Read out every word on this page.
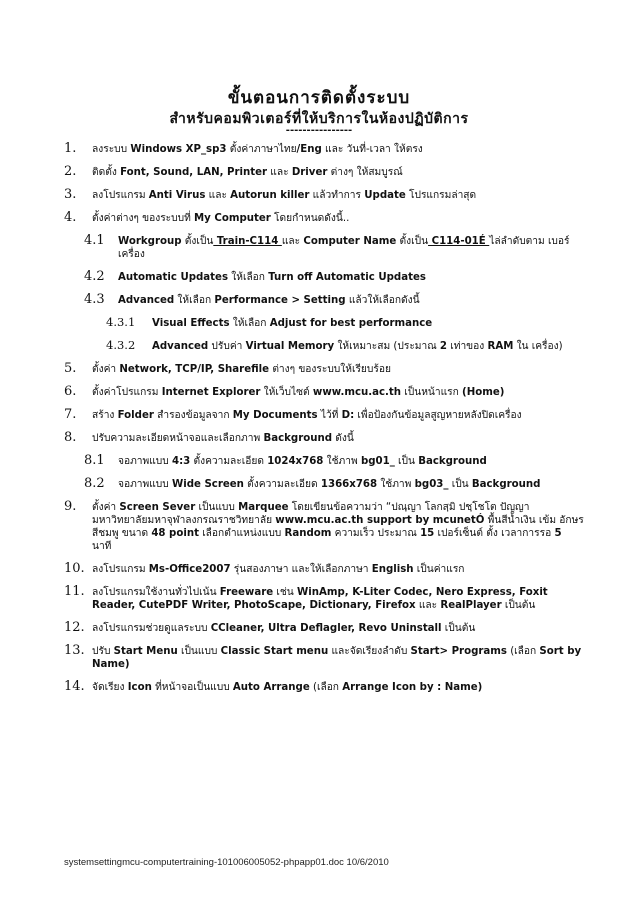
ขั้นตอนการติดตั้งระบบ
สำหรับคอมพิวเตอร์ที่ให้บริการในห้องปฏิบัติการ
----------------
1.	ลงระบบ Windows XP_sp3 ตั้งค่าภาษาไทย/Eng และ วันที่-เวลา ให้ตรง
2.	ติดตั้ง Font, Sound, LAN, Printer และ Driver ต่างๆ ให้สมบูรณ์
3.	ลงโปรแกรม Anti Virus และ Autorun killer แล้วทำการ Update โปรแกรมล่าสุด
4.	ตั้งค่าต่างๆ ของระบบที่ My Computer โดยกำหนดดังนี้..
4.1	Workgroup ตั้งเป็น Train-C114 และ Computer Name ตั้งเป็น C114-01É ไล่ลำดับตาม เบอร์เครื่อง
4.2	Automatic Updates ให้เลือก Turn off Automatic Updates
4.3	Advanced ให้เลือก Performance > Setting แล้วให้เลือกดังนี้
4.3.1	Visual Effects ให้เลือก Adjust for best performance
4.3.2	Advanced ปรับค่า Virtual Memory ให้เหมาะสม (ประมาณ 2 เท่าของ RAM ใน เครื่อง)
5.	ตั้งค่า Network, TCP/IP, Sharefile ต่างๆ ของระบบให้เรียบร้อย
6.	ตั้งค่าโปรแกรม Internet Explorer ให้เว็บไซต์ www.mcu.ac.th เป็นหน้าแรก (Home)
7.	สร้าง Folder สำรองข้อมูลจาก My Documents ไว้ที่ D: เพื่อป้องกันข้อมูลสูญหายหลังปิดเครื่อง
8.	ปรับความละเอียดหน้าจอและเลือกภาพ Background ดังนี้
8.1	จอภาพแบบ 4:3 ตั้งความละเอียด 1024x768 ใช้ภาพ bg01_ เป็น Background
8.2	จอภาพแบบ Wide Screen ตั้งความละเอียด 1366x768 ใช้ภาพ bg03_ เป็น Background
9.	ตั้งค่า Screen Sever เป็นแบบ Marquee โดยเขียนข้อความว่า “ปณฺญา โลกสฺมิ ปชฺโชโต ปัญญา มหาวิทยาลัยมหาจุฬาลงกรณราชวิทยาลัย www.mcu.ac.th support by mcunetÓ พื้นสีน้ำเงิน เข้ม อักษรสีชมพู ขนาด 48 point เลือกตำแหน่งแบบ Random ความเร็ว ประมาณ 15 เปอร์เซ็นต์ ตั้ง เวลาการรอ 5 นาที
10. ลงโปรแกรม Ms-Office2007 รุ่นสองภาษา และให้เลือกภาษา English เป็นค่าแรก
11. ลงโปรแกรมใช้งานทั่วไปเน้น Freeware เช่น WinAmp, K-Liter Codec, Nero Express, Foxit Reader, CutePDF Writer, PhotoScape, Dictionary, Firefox และ RealPlayer เป็นต้น
12. ลงโปรแกรมช่วยดูแลระบบ CCleaner, Ultra Deflagler, Revo Uninstall เป็นต้น
13. ปรับ Start Menu เป็นแบบ Classic Start menu และจัดเรียงลำดับ Start> Programs (เลือก Sort by Name)
14. จัดเรียง Icon ที่หน้าจอเป็นแบบ Auto Arrange (เลือก Arrange Icon by : Name)
systemsettingmcu-computertraining-101006005052-phpapp01.doc 10/6/2010
